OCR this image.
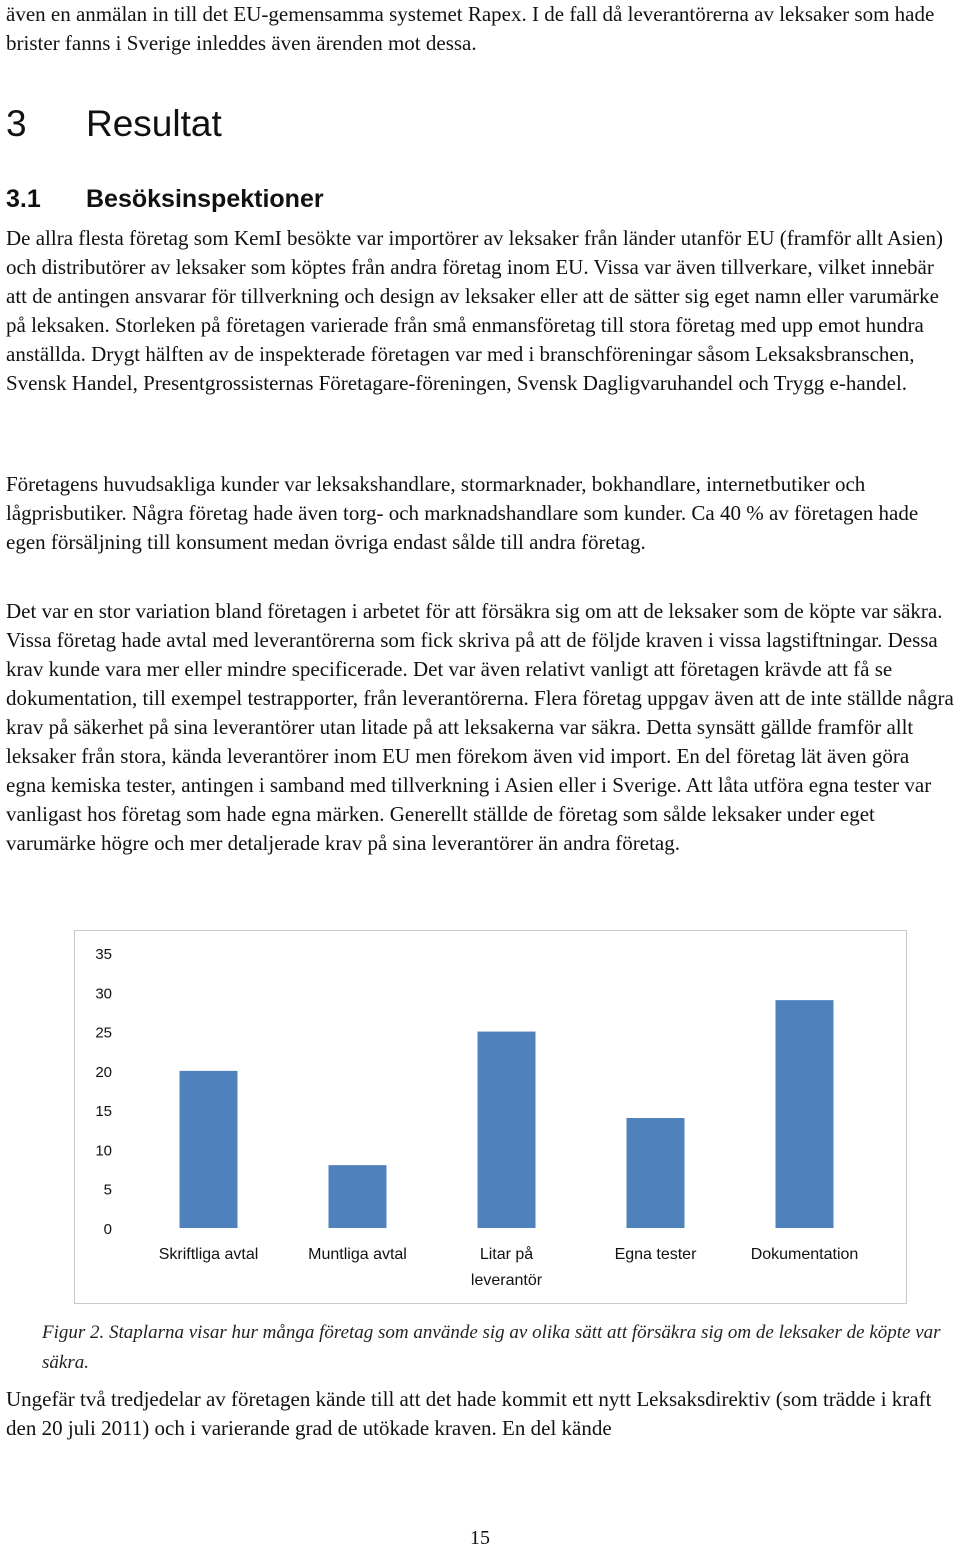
även en anmälan in till det EU-gemensamma systemet Rapex. I de fall då leverantörerna av leksaker som hade brister fanns i Sverige inleddes även ärenden mot dessa.

3 Resultat
3.1 Besöksinspektioner

De allra flesta företag som KemI besökte var importörer av leksaker från länder utanför EU (framför allt Asien) och distributörer av leksaker som köptes från andra företag inom EU. Vissa var även tillverkare, vilket innebär att de antingen ansvarar för tillverkning och design av leksaker eller att de sätter sig eget namn eller varumärke på leksaken. Storleken på företagen varierade från små enmansföretag till stora företag med upp emot hundra anställda. Drygt hälften av de inspekterade företagen var med i branschföreningar såsom Leksaksbranschen, Svensk Handel, Presentgrossisternas Företagare-föreningen, Svensk Dagligvaruhandel och Trygg e-handel.

Företagens huvudsakliga kunder var leksakshandlare, stormarknader, bokhandlare, internetbutiker och lågprisbutiker. Några företag hade även torg- och marknadshandlare som kunder. Ca 40 % av företagen hade egen försäljning till konsument medan övriga endast sålde till andra företag.

Det var en stor variation bland företagen i arbetet för att försäkra sig om att de leksaker som de köpte var säkra. Vissa företag hade avtal med leverantörerna som fick skriva på att de följde kraven i vissa lagstiftningar. Dessa krav kunde vara mer eller mindre specificerade. Det var även relativt vanligt att företagen krävde att få se dokumentation, till exempel testrapporter, från leverantörerna. Flera företag uppgav även att de inte ställde några krav på säkerhet på sina leverantörer utan litade på att leksakerna var säkra. Detta synsätt gällde framför allt leksaker från stora, kända leverantörer inom EU men förekom även vid import. En del företag lät även göra egna kemiska tester, antingen i samband med tillverkning i Asien eller i Sverige. Att låta utföra egna tester var vanligast hos företag som hade egna märken. Generellt ställde de företag som sålde leksaker under eget varumärke högre och mer detaljerade krav på sina leverantörer än andra företag.

0
5
10
15
20
25
30
35
Skriftliga avtal	Muntliga avtal	Litar på leverantör
Egna tester	Dokumentation

Figur 2. Staplarna visar hur många företag som använde sig av olika sätt att försäkra sig om de leksaker de köpte var säkra.

Ungefär två tredjedelar av företagen kände till att det hade kommit ett nytt Leksaksdirektiv (som trädde i kraft den 20 juli 2011) och i varierande grad de utökade kraven. En del kände

15
